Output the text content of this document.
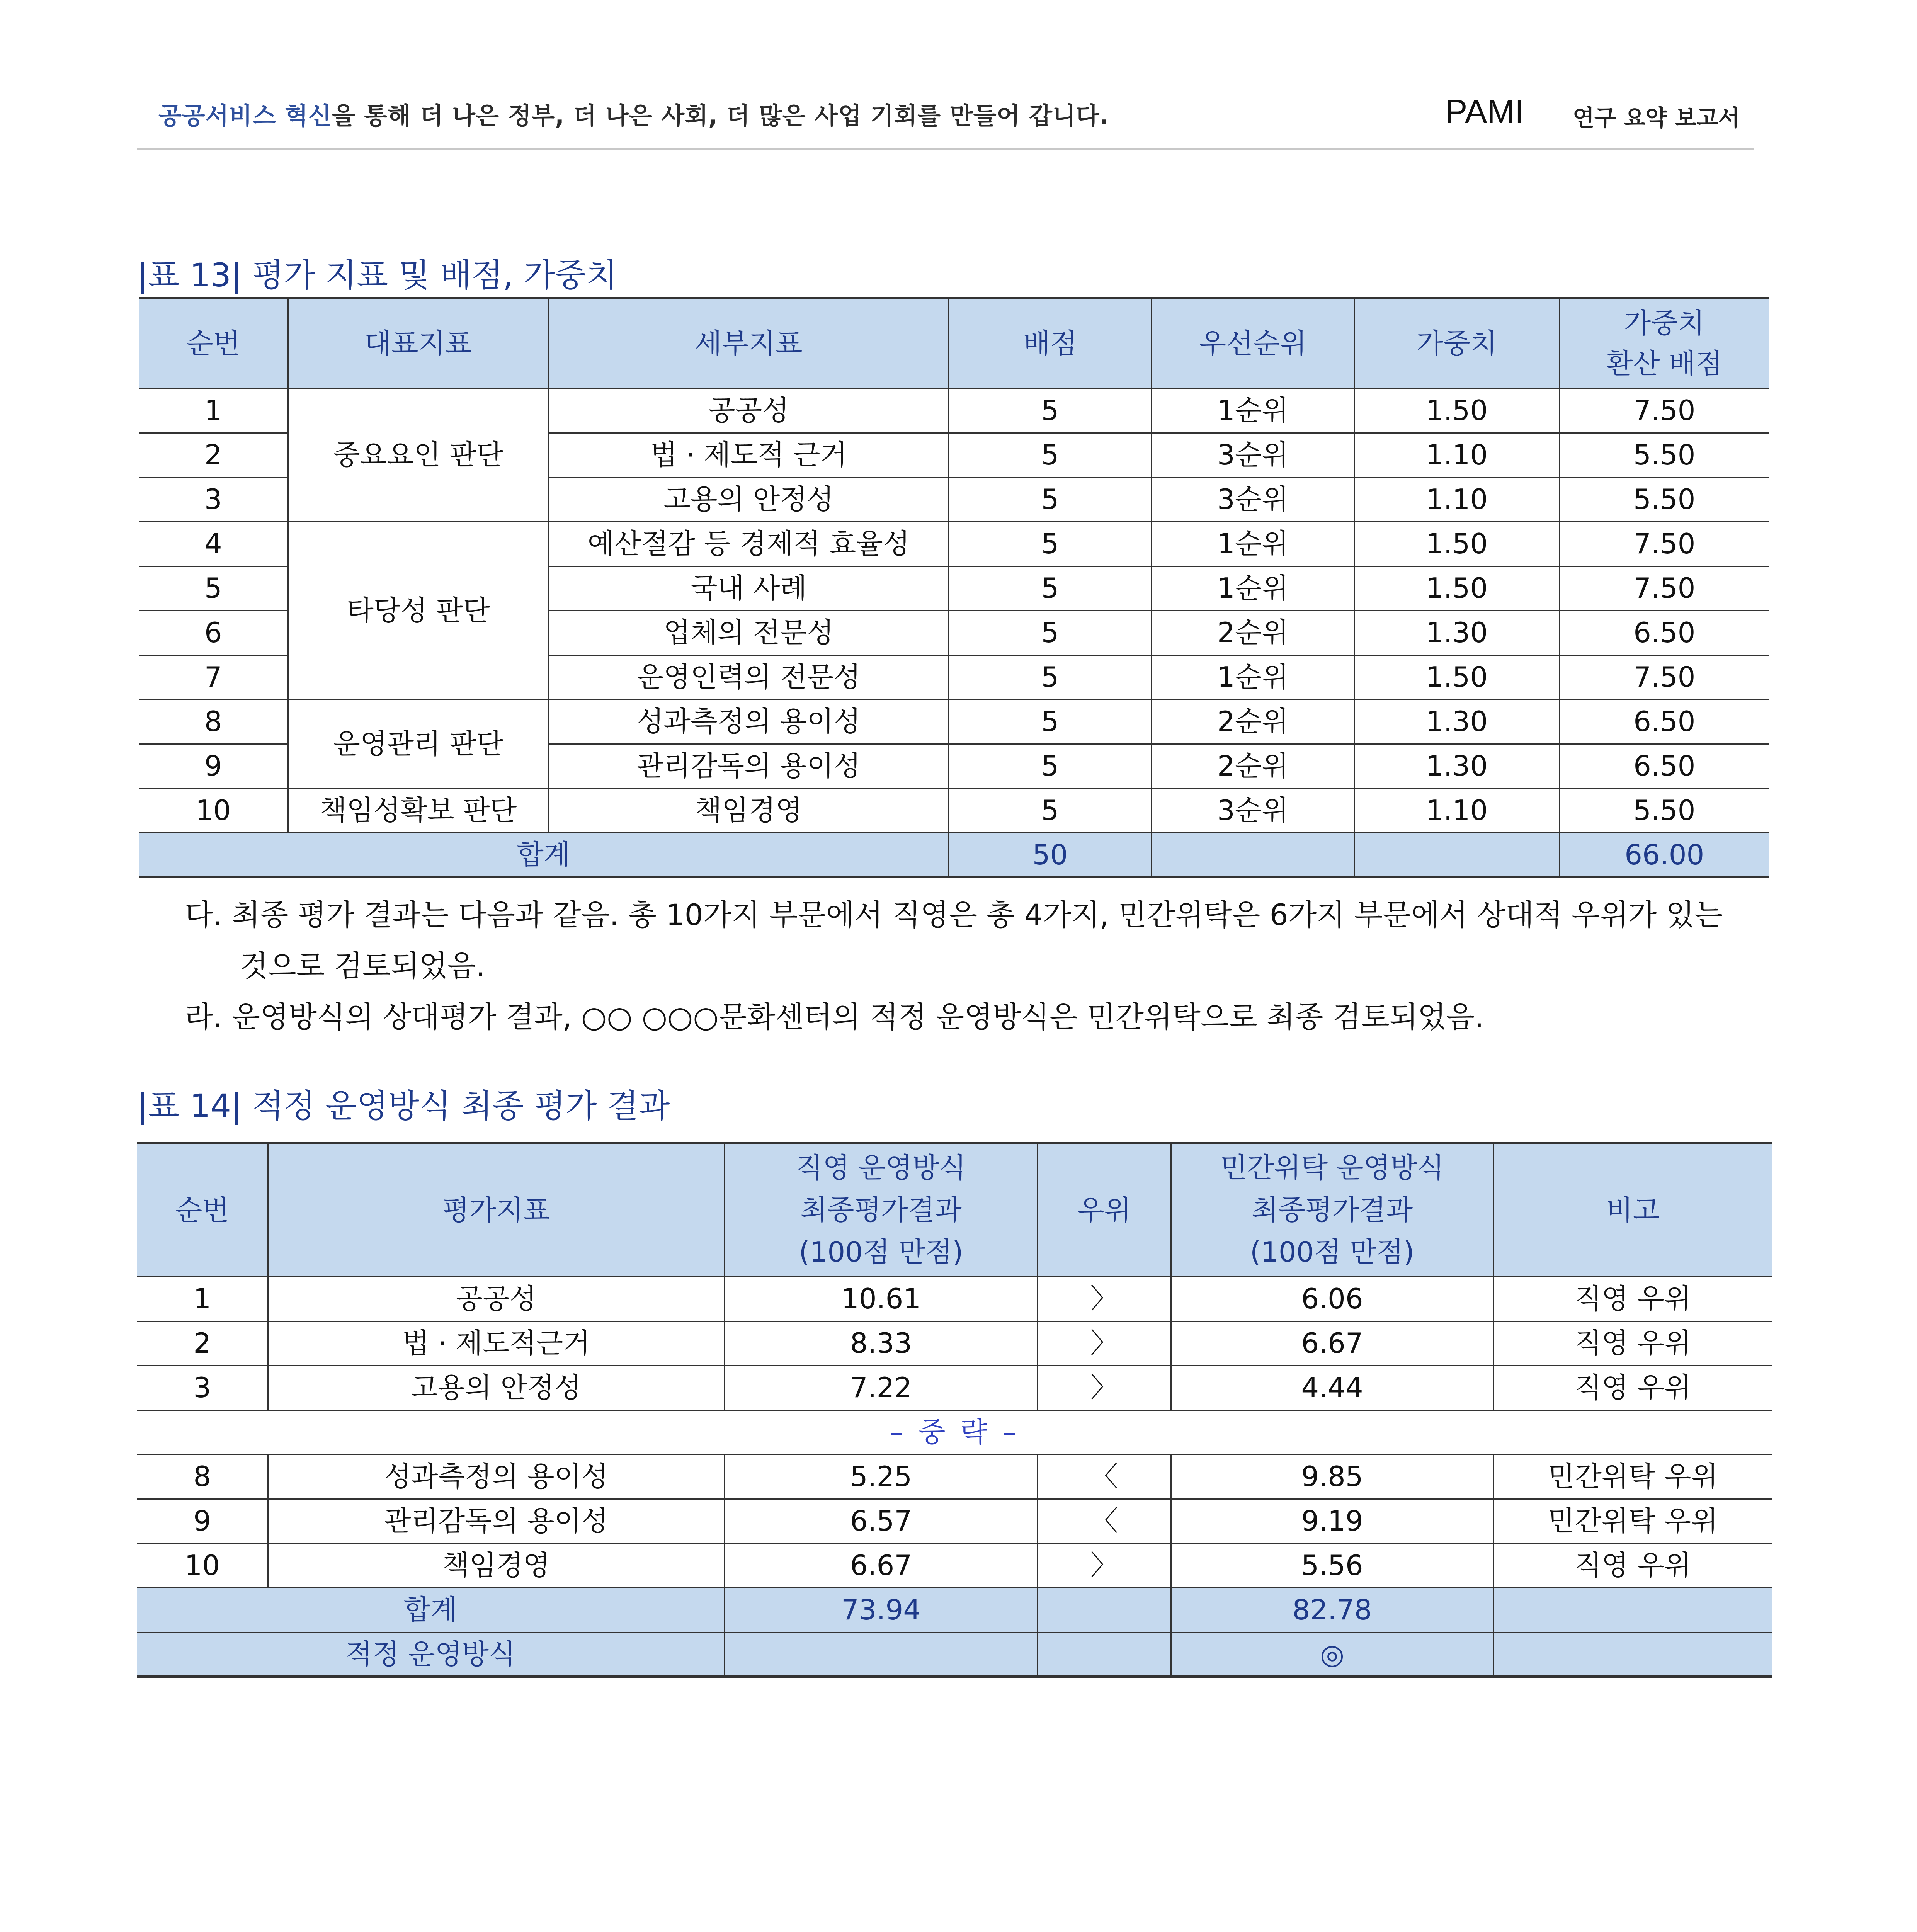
공공서비스 혁신을 통해 더 나은 정부, 더 나은 사회, 더 많은 사업 기회를 만들어 갑니다.	PAMI 연구 요약 보고서
|표 13| 평가 지표 및 배점, 가중치
순번	대표지표	세부지표	배점	우선순위	가중치	가중치
환산 배점
1	중요요인 판단	공공성	5	1순위	1.50	7.50
2		법 · 제도적 근거	5	3순위	1.10	5.50
3		고용의 안정성	5	3순위	1.10	5.50
4	타당성 판단	예산절감 등 경제적 효율성	5	1순위	1.50	7.50
5		국내 사례	5	1순위	1.50	7.50
6		업체의 전문성	5	2순위	1.30	6.50
7		운영인력의 전문성	5	1순위	1.50	7.50
8	운영관리 판단	성과측정의 용이성	5	2순위	1.30	6.50
9		관리감독의 용이성	5	2순위	1.30	6.50
10	책임성확보 판단	책임경영	5	3순위	1.10	5.50
합계			50			66.00
다. 최종 평가 결과는 다음과 같음. 총 10가지 부문에서 직영은 총 4가지, 민간위탁은 6가지 부문에서 상대적 우위가 있는
것으로 검토되었음.
라. 운영방식의 상대평가 결과, ○○ ○○○문화센터의 적정 운영방식은 민간위탁으로 최종 검토되었음.
|표 14| 적정 운영방식 최종 평가 결과
순번	평가지표	직영 운영방식
최종평가결과
(100점 만점)	우위	민간위탁 운영방식
최종평가결과
(100점 만점)	비고
1	공공성	10.61	〉	6.06	직영 우위
2	법 · 제도적근거	8.33	〉	6.67	직영 우위
3	고용의 안정성	7.22	〉	4.44	직영 우위
– 중 략 –					
8	성과측정의 용이성	5.25	〈	9.85	민간위탁 우위
9	관리감독의 용이성	6.57	〈	9.19	민간위탁 우위
10	책임경영	6.67	〉	5.56	직영 우위
합계		73.94		82.78	
적정 운영방식				◎	
